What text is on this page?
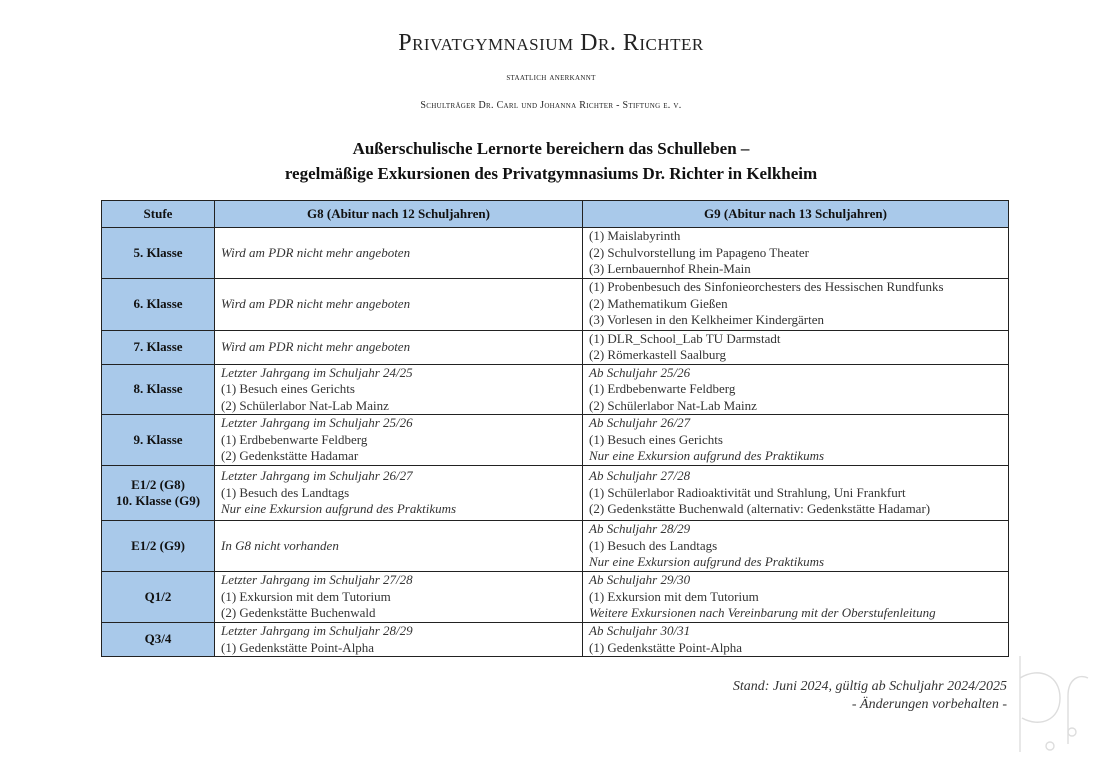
Privatgymnasium Dr. Richter
staatlich anerkannt
Schulträger Dr. Carl und Johanna Richter - Stiftung e. v.
Außerschulische Lernorte bereichern das Schulleben –
regelmäßige Exkursionen des Privatgymnasiums Dr. Richter in Kelkheim
Stufe	G8 (Abitur nach 12 Schuljahren)	G9 (Abitur nach 13 Schuljahren)

5. Klasse	Wird am PDR nicht mehr angeboten	(1) Maislabyrinth
(2) Schulvorstellung im Papageno Theater
(3) Lernbauernhof Rhein-Main

6. Klasse	Wird am PDR nicht mehr angeboten	(1) Probenbesuch des Sinfonieorchesters des Hessischen Rundfunks
(2) Mathematikum Gießen
(3) Vorlesen in den Kelkheimer Kindergärten

7. Klasse	Wird am PDR nicht mehr angeboten	(1) DLR_School_Lab TU Darmstadt
(2) Römerkastell Saalburg

8. Klasse	Letzter Jahrgang im Schuljahr 24/25
(1) Besuch eines Gerichts
(2) Schülerlabor Nat-Lab Mainz	Ab Schuljahr 25/26
(1) Erdbebenwarte Feldberg
(2) Schülerlabor Nat-Lab Mainz

9. Klasse	Letzter Jahrgang im Schuljahr 25/26
(1) Erdbebenwarte Feldberg
(2) Gedenkstätte Hadamar	Ab Schuljahr 26/27
(1) Besuch eines Gerichts
Nur eine Exkursion aufgrund des Praktikums

E1/2 (G8)
10. Klasse (G9)	Letzter Jahrgang im Schuljahr 26/27
(1) Besuch des Landtags
Nur eine Exkursion aufgrund des Praktikums	Ab Schuljahr 27/28
(1) Schülerlabor Radioaktivität und Strahlung, Uni Frankfurt
(2) Gedenkstätte Buchenwald (alternativ: Gedenkstätte Hadamar)

E1/2 (G9)	In G8 nicht vorhanden	Ab Schuljahr 28/29
(1) Besuch des Landtags
Nur eine Exkursion aufgrund des Praktikums

Q1/2	Letzter Jahrgang im Schuljahr 27/28
(1) Exkursion mit dem Tutorium
(2) Gedenkstätte Buchenwald	Ab Schuljahr 29/30
(1) Exkursion mit dem Tutorium
Weitere Exkursionen nach Vereinbarung mit der Oberstufenleitung

Q3/4	Letzter Jahrgang im Schuljahr 28/29
(1) Gedenkstätte Point-Alpha	Ab Schuljahr 30/31
(1) Gedenkstätte Point-Alpha
Stand: Juni 2024, gültig ab Schuljahr 2024/2025
- Änderungen vorbehalten -
